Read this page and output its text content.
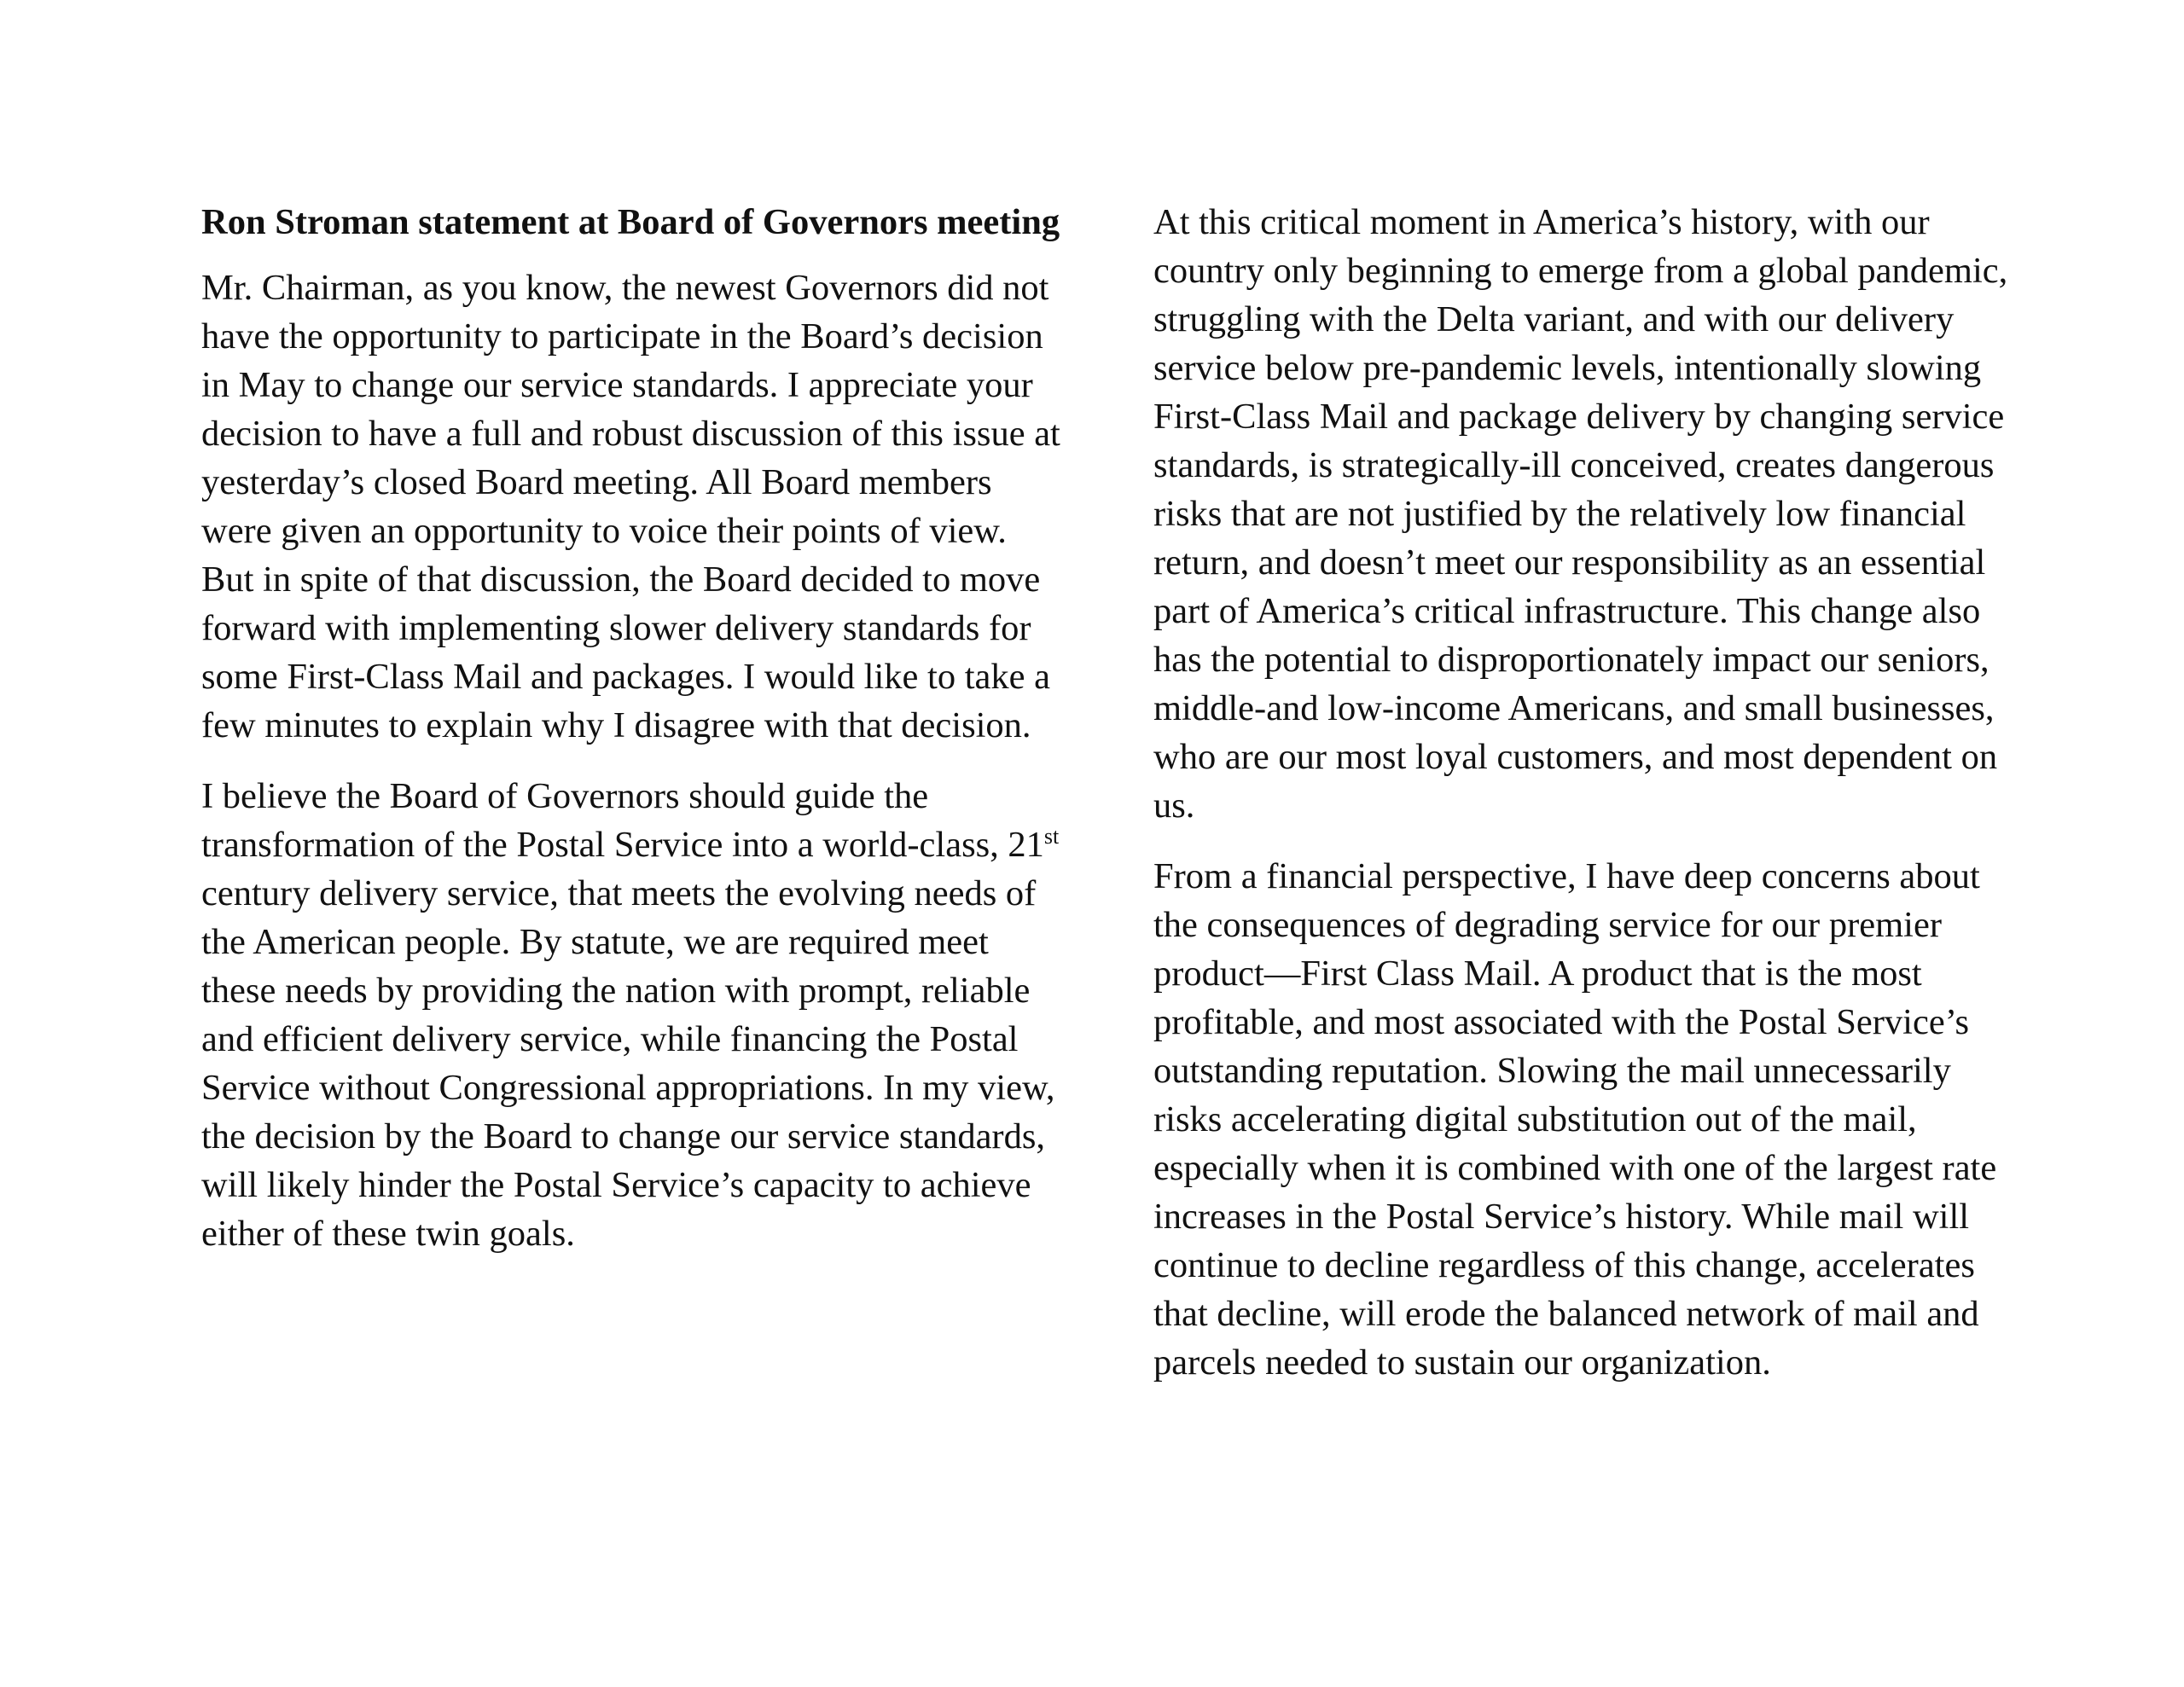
Ron Stroman statement at Board of Governors meeting

Mr. Chairman, as you know, the newest Governors did not have the opportunity to participate in the Board’s decision in May to change our service standards. I appreciate your decision to have a full and robust discussion of this issue at yesterday’s closed Board meeting. All Board members were given an opportunity to voice their points of view. But in spite of that discussion, the Board decided to move forward with implementing slower delivery standards for some First-Class Mail and packages. I would like to take a few minutes to explain why I disagree with that decision.

I believe the Board of Governors should guide the transformation of the Postal Service into a world-class, 21st century delivery service, that meets the evolving needs of the American people. By statute, we are required meet these needs by providing the nation with prompt, reliable and efficient delivery service, while financing the Postal Service without Congressional appropriations. In my view, the decision by the Board to change our service standards, will likely hinder the Postal Service’s capacity to achieve either of these twin goals.

At this critical moment in America’s history, with our country only beginning to emerge from a global pandemic, struggling with the Delta variant, and with our delivery service below pre-pandemic levels, intentionally slowing First-Class Mail and package delivery by changing service standards, is strategically-ill conceived, creates dangerous risks that are not justified by the relatively low financial return, and doesn’t meet our responsibility as an essential part of America’s critical infrastructure. This change also has the potential to disproportionately impact our seniors, middle-and low-income Americans, and small businesses, who are our most loyal customers, and most dependent on us.

From a financial perspective, I have deep concerns about the consequences of degrading service for our premier product—First Class Mail. A product that is the most profitable, and most associated with the Postal Service’s outstanding reputation. Slowing the mail unnecessarily risks accelerating digital substitution out of the mail, especially when it is combined with one of the largest rate increases in the Postal Service’s history. While mail will continue to decline regardless of this change, accelerates that decline, will erode the balanced network of mail and parcels needed to sustain our organization.
